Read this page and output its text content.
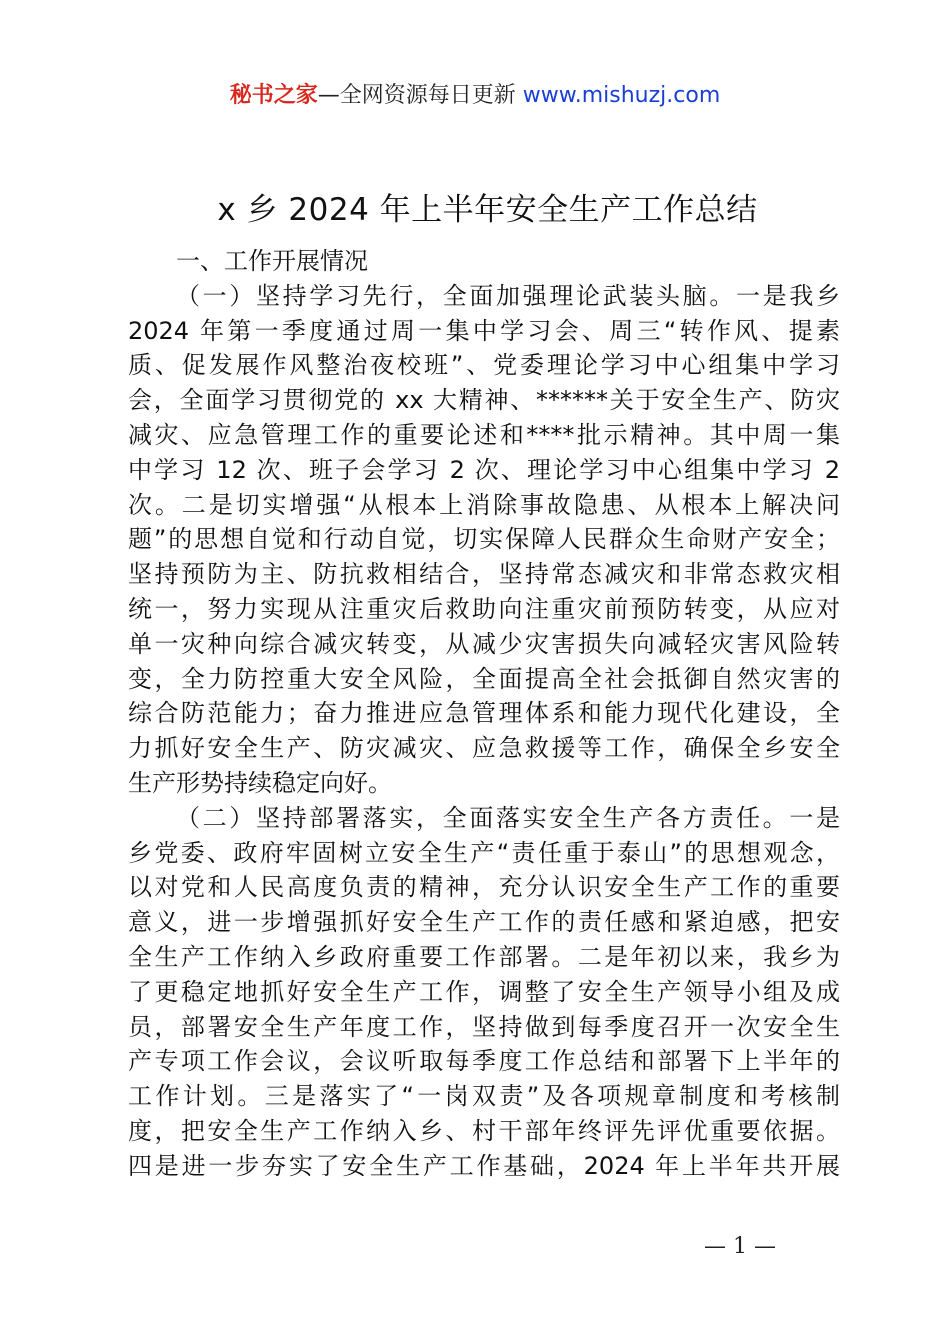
秘书之家—全网资源每日更新 www.mishuzj.com
x 乡 2024 年上半年安全生产工作总结
一、工作开展情况
（一）坚持学习先行，全面加强理论武装头脑。一是我乡
2024 年第一季度通过周一集中学习会、周三“转作风、提素
质、促发展作风整治夜校班”、党委理论学习中心组集中学习
会，全面学习贯彻党的 xx 大精神、******关于安全生产、防灾
减灾、应急管理工作的重要论述和****批示精神。其中周一集
中学习 12 次、班子会学习 2 次、理论学习中心组集中学习 2
次。二是切实增强“从根本上消除事故隐患、从根本上解决问
题”的思想自觉和行动自觉，切实保障人民群众生命财产安全；
坚持预防为主、防抗救相结合，坚持常态减灾和非常态救灾相
统一，努力实现从注重灾后救助向注重灾前预防转变，从应对
单一灾种向综合减灾转变，从减少灾害损失向减轻灾害风险转
变，全力防控重大安全风险，全面提高全社会抵御自然灾害的
综合防范能力；奋力推进应急管理体系和能力现代化建设，全
力抓好安全生产、防灾减灾、应急救援等工作，确保全乡安全
生产形势持续稳定向好。
（二）坚持部署落实，全面落实安全生产各方责任。一是
乡党委、政府牢固树立安全生产“责任重于泰山”的思想观念，
以对党和人民高度负责的精神，充分认识安全生产工作的重要
意义，进一步增强抓好安全生产工作的责任感和紧迫感，把安
全生产工作纳入乡政府重要工作部署。二是年初以来，我乡为
了更稳定地抓好安全生产工作，调整了安全生产领导小组及成
员，部署安全生产年度工作，坚持做到每季度召开一次安全生
产专项工作会议，会议听取每季度工作总结和部署下上半年的
工作计划。三是落实了“一岗双责”及各项规章制度和考核制
度，把安全生产工作纳入乡、村干部年终评先评优重要依据。
四是进一步夯实了安全生产工作基础，2024 年上半年共开展
— 1 —
